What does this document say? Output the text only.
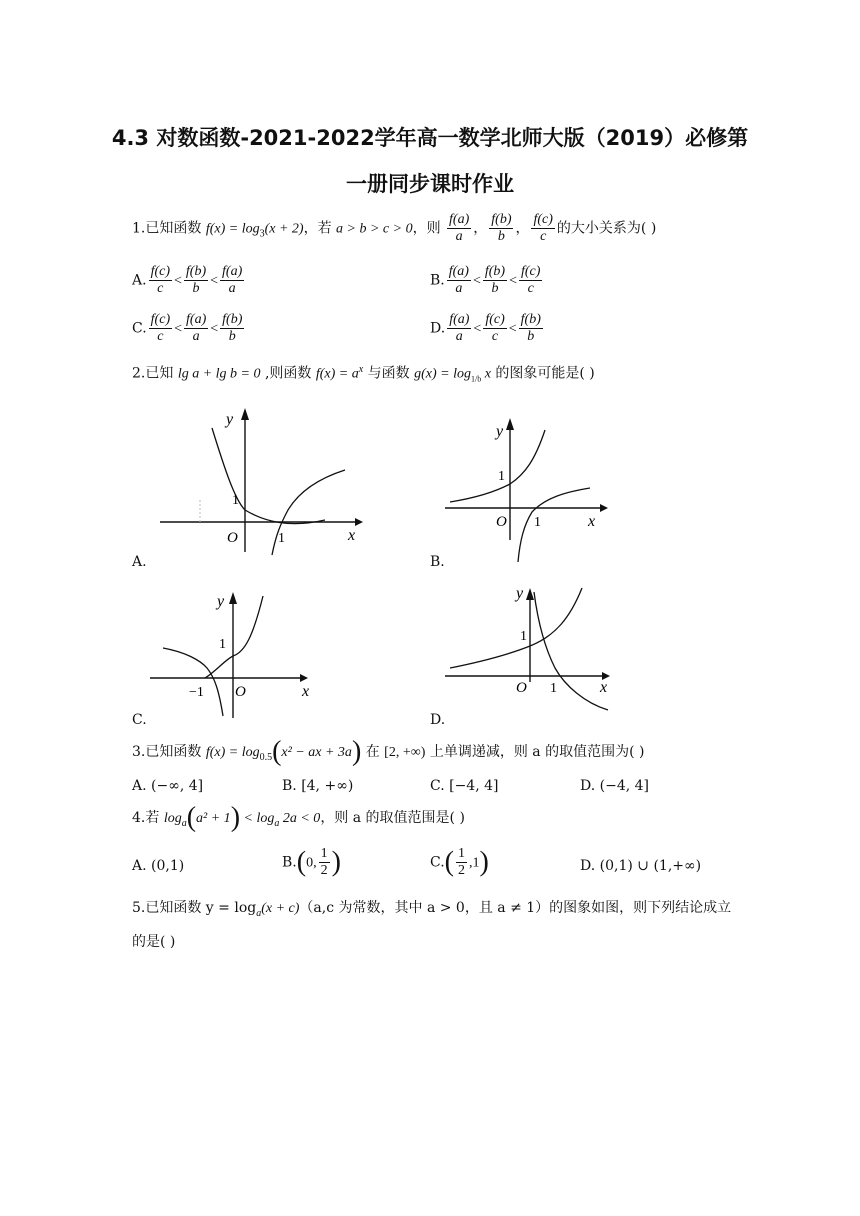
4.3 对数函数-2021-2022学年高一数学北师大版（2019）必修第
一册同步课时作业
1.已知函数 $f(x) = \log_3(x + 2)$，若 a > b > c > 0，则 $\frac{f(a)}{a}$ ， $\frac{f(b)}{b}$ ， $\frac{f(c)}{c}$ 的大小关系为( )
A. $\frac{f(c)}{c} < \frac{f(b)}{b} < \frac{f(a)}{a}$	B. $\frac{f(a)}{a} < \frac{f(b)}{b} < \frac{f(c)}{c}$
C. $\frac{f(c)}{c} < \frac{f(a)}{a} < \frac{f(b)}{b}$	D. $\frac{f(a)}{a} < \frac{f(c)}{c} < \frac{f(b)}{b}$
2.已知 lg a + lg b = 0 ,则函数 $f(x) = a^x$ 与函数 $g(x) = \log_{1/b} x$ 的图象可能是( )
y
x
O	1
1
A.
y
x
O 1
1
B.
y
x
O
−1
1
C.
y
x
O 1
1
D.
3.已知函数 $f(x) = \log_{0.5}(x^2$ − ax + 3a) 在 [2, +∞) 上单调递减，则 a 的取值范围为( )
A. (−∞, 4]	B. [4, +∞)	C. [−4, 4]	D. (−4, 4]
4.若 $\log_a(a^2 + 1) < \log_a 2a < 0$，则 a 的取值范围是( )
A. (0,1)	B.(0, $\frac{1}{2}$ )	$C.( \frac{1}{2} ,1)$	D. (0,1) ∪ (1,+∞)
5.已知函数 $y = \log_a(x + c)(a,c$ 为常数，其中 a > 0，且 a ≠ 1）的图象如图，则下列结论成立
的是( )
